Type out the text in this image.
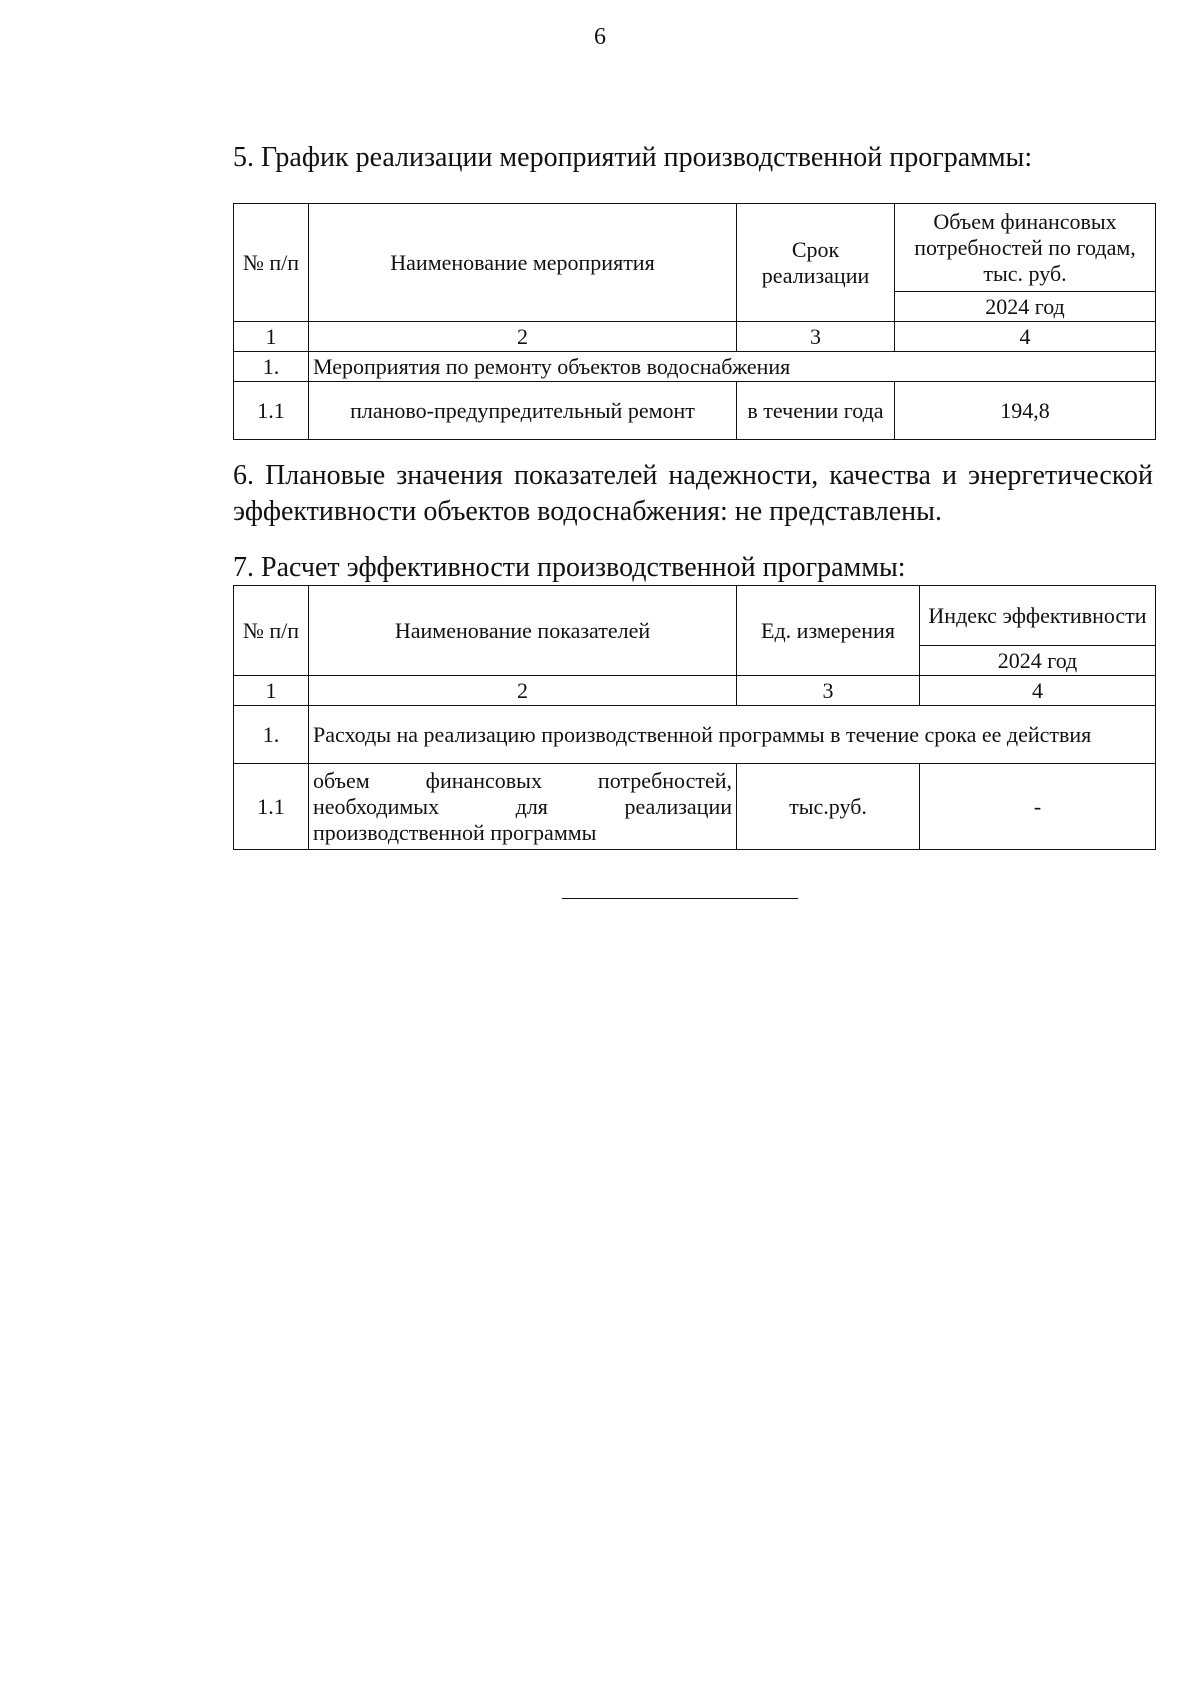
6
5. График реализации мероприятий производственной программы:
№ п/п	Наименование мероприятия	Срок реализации	Объем финансовых потребностей по годам, тыс. руб.
			2024 год
1	2	3	4
1.	Мероприятия по ремонту объектов водоснабжения		
1.1	планово-предупредительный ремонт	в течении года	194,8

6. Плановые значения показателей надежности, качества и энергетической эффективности объектов водоснабжения: не представлены.

7. Расчет эффективности производственной программы:
№ п/п	Наименование показателей	Ед. измерения	Индекс эффективности
			2024 год
1	2	3	4
1.	Расходы на реализацию производственной программы в течение срока ее действия		
1.1	объем финансовых потребностей, необходимых для реализации производственной программы	тыс.руб.	-
